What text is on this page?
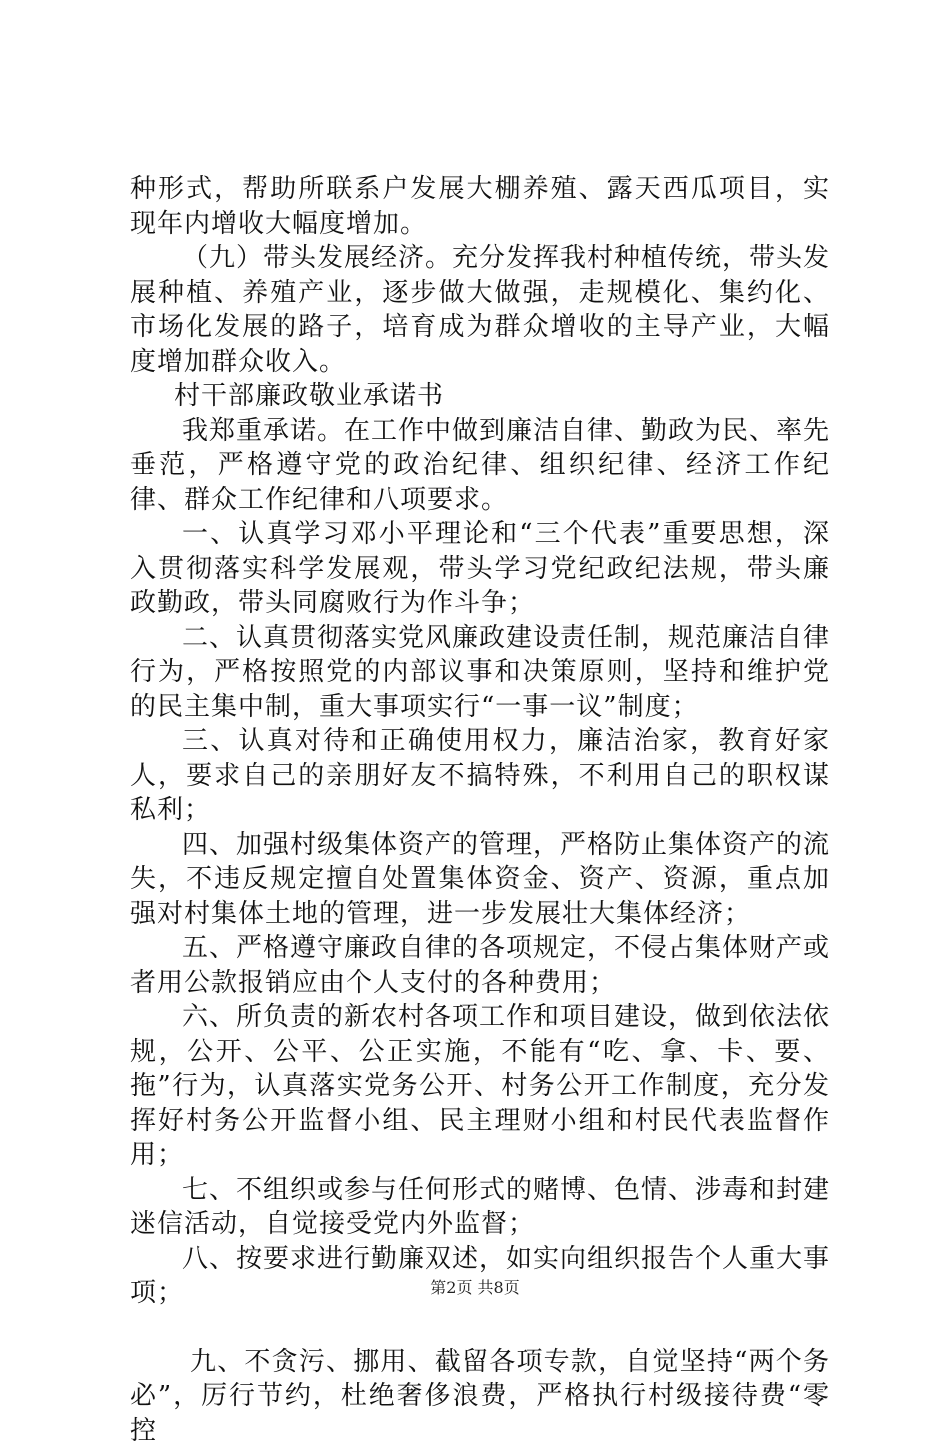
种形式，帮助所联系户发展大棚养殖、露天西瓜项目，实现年内增收大幅度增加。

（九）带头发展经济。充分发挥我村种植传统，带头发展种植、养殖产业，逐步做大做强，走规模化、集约化、市场化发展的路子，培育成为群众增收的主导产业，大幅度增加群众收入。

村干部廉政敬业承诺书

我郑重承诺。在工作中做到廉洁自律、勤政为民、率先垂范，严格遵守党的政治纪律、组织纪律、经济工作纪律、群众工作纪律和八项要求。

一、认真学习邓小平理论和“三个代表”重要思想，深入贯彻落实科学发展观，带头学习党纪政纪法规，带头廉政勤政，带头同腐败行为作斗争；

二、认真贯彻落实党风廉政建设责任制，规范廉洁自律行为，严格按照党的内部议事和决策原则，坚持和维护党的民主集中制，重大事项实行“一事一议”制度；

三、认真对待和正确使用权力，廉洁治家，教育好家人，要求自己的亲朋好友不搞特殊，不利用自己的职权谋私利；

四、加强村级集体资产的管理，严格防止集体资产的流失，不违反规定擅自处置集体资金、资产、资源，重点加强对村集体土地的管理，进一步发展壮大集体经济；

五、严格遵守廉政自律的各项规定，不侵占集体财产或者用公款报销应由个人支付的各种费用；

六、所负责的新农村各项工作和项目建设，做到依法依规，公开、公平、公正实施，不能有“吃、拿、卡、要、拖”行为，认真落实党务公开、村务公开工作制度，充分发挥好村务公开监督小组、民主理财小组和村民代表监督作用；

七、不组织或参与任何形式的赌博、色情、涉毒和封建迷信活动，自觉接受党内外监督；

八、按要求进行勤廉双述，如实向组织报告个人重大事项；

九、不贪污、挪用、截留各项专款，自觉坚持“两个务必”，厉行节约，杜绝奢侈浪费，严格执行村级接待费“零控

第2页 共8页
